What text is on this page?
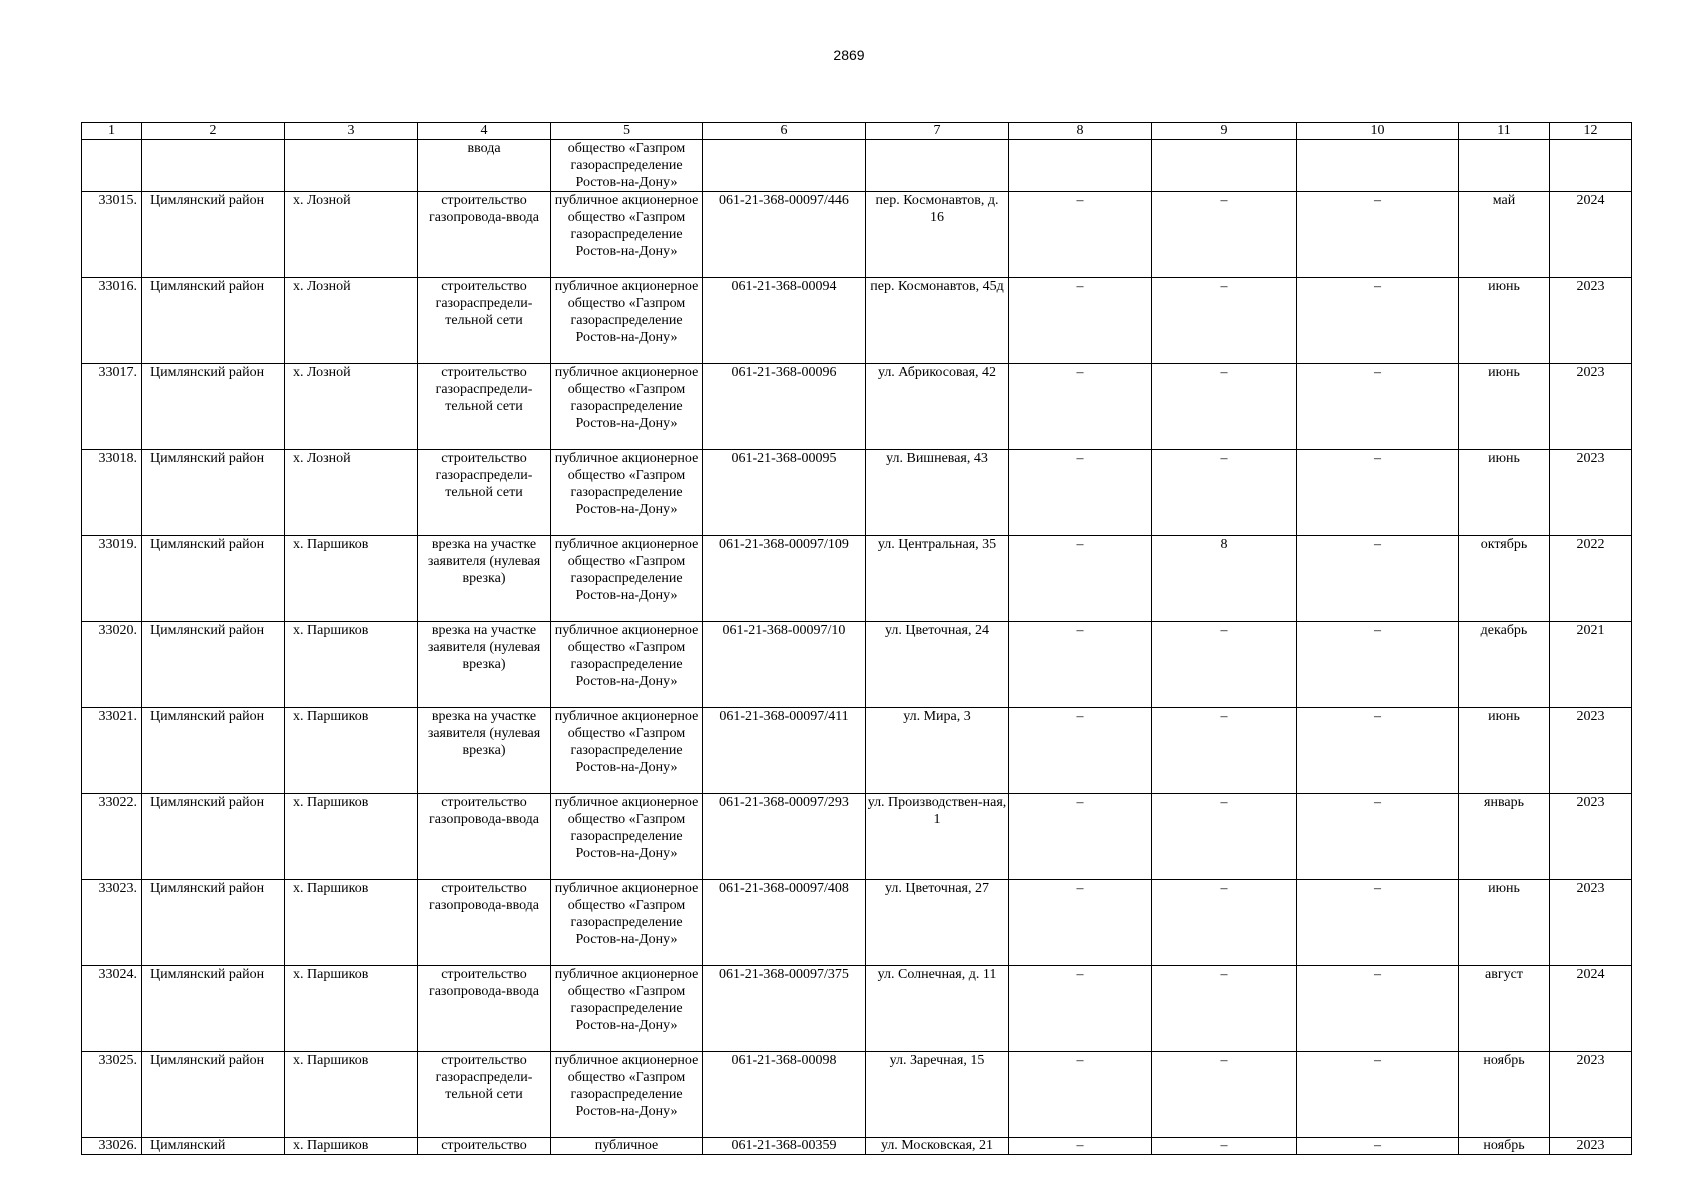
2869
1	2	3	4	5	6	7	8	9	10	11	12
			ввода	общество «Газпром газораспределение Ростов-на-Дону»							
33015.	Цимлянский район	х. Лозной	строительство газопровода-ввода	публичное акционерное общество «Газпром газораспределение Ростов-на-Дону»	061-21-368-00097/446	пер. Космонавтов, д. 16	–	–	–	май	2024
33016.	Цимлянский район	х. Лозной	строительство газораспредели-тельной сети	публичное акционерное общество «Газпром газораспределение Ростов-на-Дону»	061-21-368-00094	пер. Космонавтов, 45д	–	–	–	июнь	2023
33017.	Цимлянский район	х. Лозной	строительство газораспредели-тельной сети	публичное акционерное общество «Газпром газораспределение Ростов-на-Дону»	061-21-368-00096	ул. Абрикосовая, 42	–	–	–	июнь	2023
33018.	Цимлянский район	х. Лозной	строительство газораспредели-тельной сети	публичное акционерное общество «Газпром газораспределение Ростов-на-Дону»	061-21-368-00095	ул. Вишневая, 43	–	–	–	июнь	2023
33019.	Цимлянский район	х. Паршиков	врезка на участке заявителя (нулевая врезка)	публичное акционерное общество «Газпром газораспределение Ростов-на-Дону»	061-21-368-00097/109	ул. Центральная, 35	–	8	–	октябрь	2022
33020.	Цимлянский район	х. Паршиков	врезка на участке заявителя (нулевая врезка)	публичное акционерное общество «Газпром газораспределение Ростов-на-Дону»	061-21-368-00097/10	ул. Цветочная, 24	–	–	–	декабрь	2021
33021.	Цимлянский район	х. Паршиков	врезка на участке заявителя (нулевая врезка)	публичное акционерное общество «Газпром газораспределение Ростов-на-Дону»	061-21-368-00097/411	ул. Мира, 3	–	–	–	июнь	2023
33022.	Цимлянский район	х. Паршиков	строительство газопровода-ввода	публичное акционерное общество «Газпром газораспределение Ростов-на-Дону»	061-21-368-00097/293	ул. Производствен-ная, 1	–	–	–	январь	2023
33023.	Цимлянский район	х. Паршиков	строительство газопровода-ввода	публичное акционерное общество «Газпром газораспределение Ростов-на-Дону»	061-21-368-00097/408	ул. Цветочная, 27	–	–	–	июнь	2023
33024.	Цимлянский район	х. Паршиков	строительство газопровода-ввода	публичное акционерное общество «Газпром газораспределение Ростов-на-Дону»	061-21-368-00097/375	ул. Солнечная, д. 11	–	–	–	август	2024
33025.	Цимлянский район	х. Паршиков	строительство газораспредели-тельной сети	публичное акционерное общество «Газпром газораспределение Ростов-на-Дону»	061-21-368-00098	ул. Заречная, 15	–	–	–	ноябрь	2023
33026.	Цимлянский	х. Паршиков	строительство	публичное	061-21-368-00359	ул. Московская, 21	–	–	–	ноябрь	2023
